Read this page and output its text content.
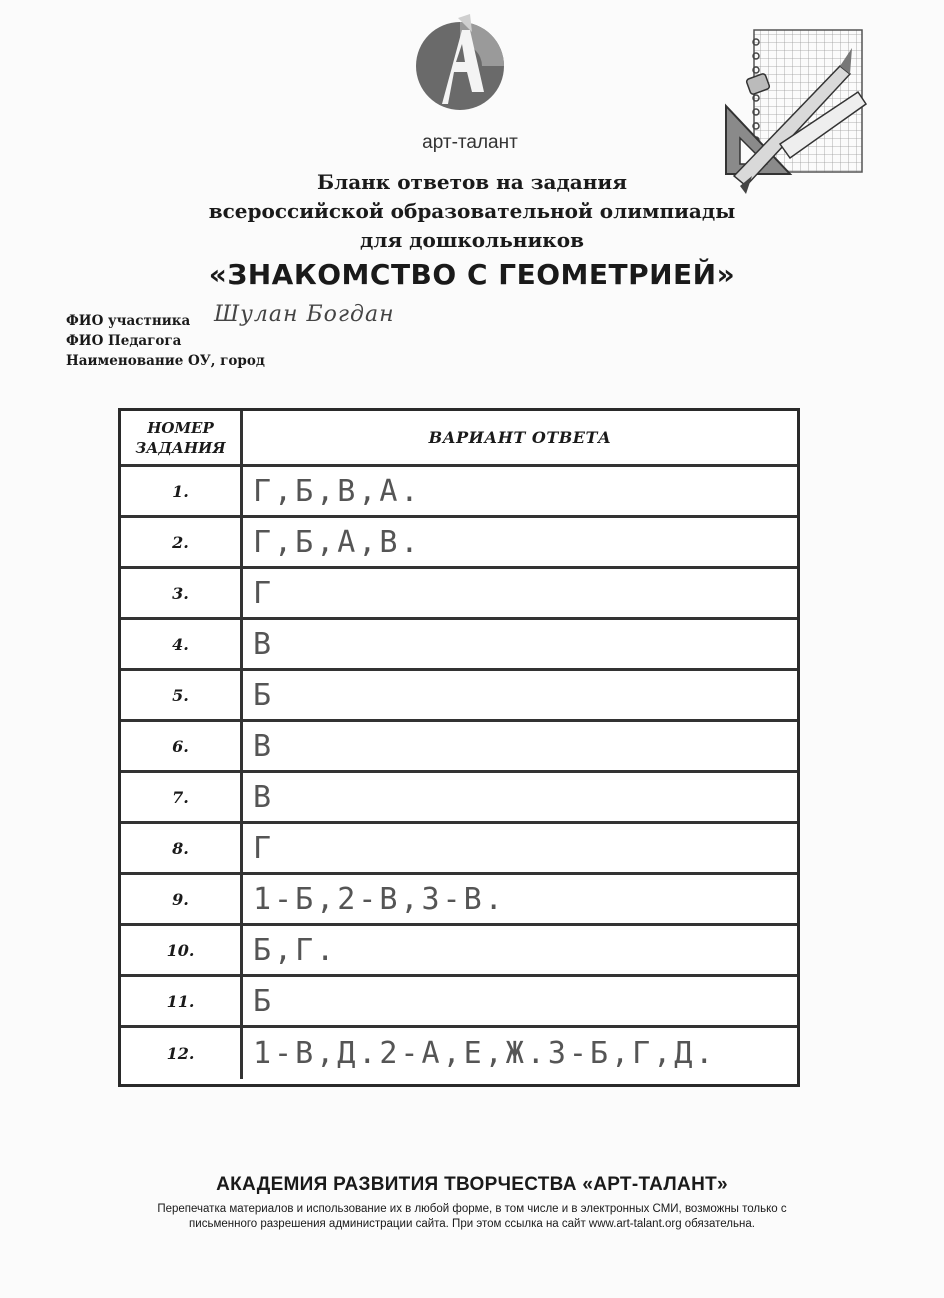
арт-талант
Бланк ответов на задания
всероссийской образовательной олимпиады
для дошкольников
«ЗНАКОМСТВО С ГЕОМЕТРИЕЙ»
ФИО участника Шулан Богдан
ФИО Педагога
Наименование ОУ, город
НОМЕР
ЗАДАНИЯ
ВАРИАНТ ОТВЕТА
1.	Г,Б,В,А.
2.	Г,Б,А,В.
3.	Г
4.	В
5.	Б
6.	В
7.	В
8.	Г
9.	1-Б,2-В,3-В.
10.	Б,Г.
11.	Б
12.	1-В,Д.2-А,Е,Ж.3-Б,Г,Д.
АКАДЕМИЯ РАЗВИТИЯ ТВОРЧЕСТВА «АРТ-ТАЛАНТ»
Перепечатка материалов и использование их в любой форме, в том числе и в электронных СМИ, возможны только с
письменного разрешения администрации сайта. При этом ссылка на сайт www.art-talant.org обязательна.
